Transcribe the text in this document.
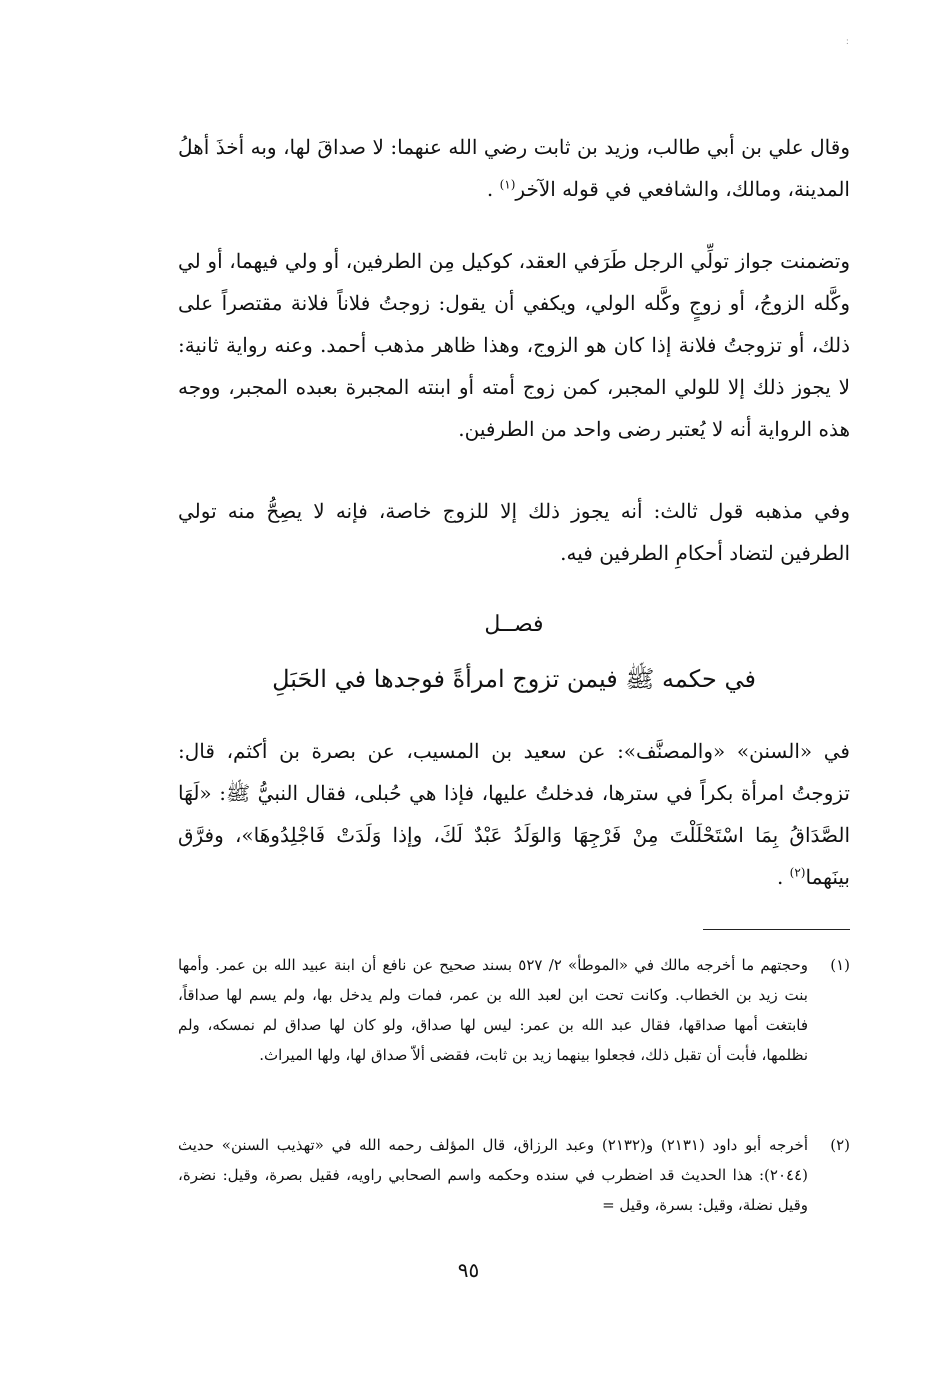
وقال علي بن أبي طالب، وزيد بن ثابت رضي الله عنهما: لا صداقَ لها، وبه أخذَ أهلُ المدينة، ومالك، والشافعي في قوله الآخر$^{(١)}$ .

وتضمنت جواز تولِّي الرجل طَرَفي العقد، كوكيل مِن الطرفين، أو ولي فيهما، أو لي وكَّله الزوجُ، أو زوجٍ وكَّله الولي، ويكفي أن يقول: زوجتُ فلاناً فلانة مقتصراً على ذلك، أو تزوجتُ فلانة إذا كان هو الزوج، وهذا ظاهر مذهب أحمد. وعنه رواية ثانية: لا يجوز ذلك إلا للولي المجبر، كمن زوج أمته أو ابنته المجبرة بعبده المجبر، ووجه هذه الرواية أنه لا يُعتبر رضى واحد من الطرفين.

وفي مذهبه قول ثالث: أنه يجوز ذلك إلا للزوج خاصة، فإنه لا يصِحُّ منه تولي الطرفين لتضاد أحكامِ الطرفين فيه.

فصــل
في حكمه ﷺ فيمن تزوج امرأةً فوجدها في الحَبَلِ

في «السنن» «والمصنَّف»: عن سعيد بن المسيب، عن بصرة بن أكثم، قال: تزوجتُ امرأة بكراً في سترها، فدخلتُ عليها، فإذا هي حُبلى، فقال النبيُّ ﷺ: «لَهَا الصَّدَاقُ بِمَا اسْتَحْلَلْتَ مِنْ فَرْجِهَا وَالوَلَدُ عَبْدٌ لَكَ، وإذا وَلَدَتْ فَاجْلِدُوهَا»، وفرَّق بينَهما$^{(٢)}$ .

(١)
وحجتهم ما أخرجه مالك في «الموطأ» ٢/ ٥٢٧ بسند صحيح عن نافع أن ابنة عبيد الله بن عمر. وأمها بنت زيد بن الخطاب. وكانت تحت ابن لعبد الله بن عمر، فمات ولم يدخل بها، ولم يسم لها صداقاً، فابتغت أمها صداقها، فقال عبد الله بن عمر: ليس لها صداق، ولو كان لها صداق لم نمسكه، ولم نظلمها، فأبت أن تقبل ذلك، فجعلوا بينهما زيد بن ثابت، فقضى ألاّ صداق لها، ولها الميراث.
(٢)
أخرجه أبو داود (٢١٣١) و(٢١٣٢) وعبد الرزاق، قال المؤلف رحمه الله في «تهذيب السنن» حديث (٢٠٤٤): هذا الحديث قد اضطرب في سنده وحكمه واسم الصحابي راويه، فقيل بصرة، وقيل: نضرة، وقيل نضلة، وقيل: بسرة، وقيل =
٩٥
